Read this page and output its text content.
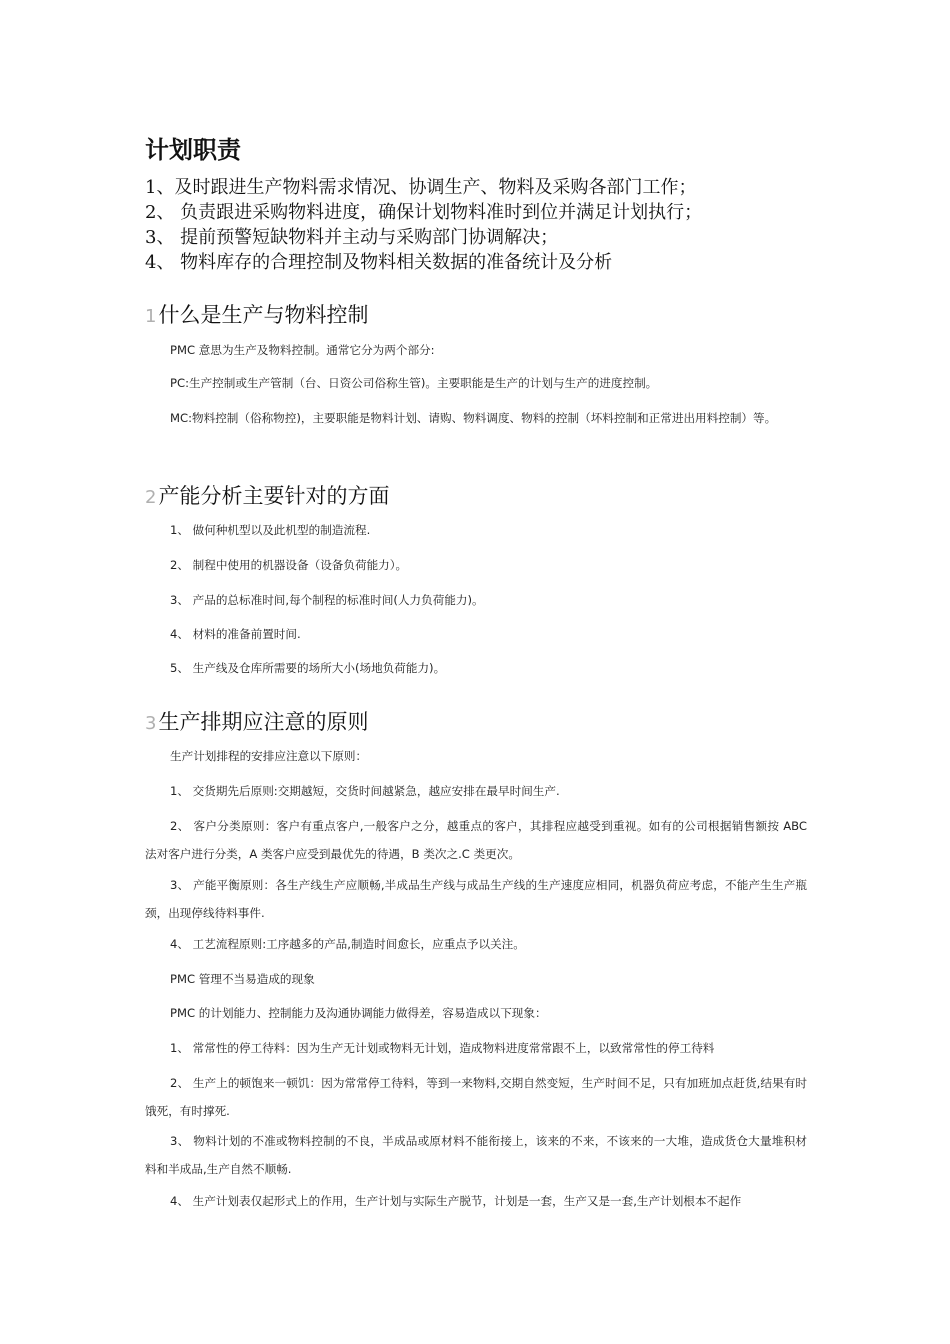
计划职责
1、及时跟进生产物料需求情况、协调生产、物料及采购各部门工作；
2、 负责跟进采购物料进度，确保计划物料准时到位并满足计划执行；
3、 提前预警短缺物料并主动与采购部门协调解决；
4、 物料库存的合理控制及物料相关数据的准备统计及分析
1什么是生产与物料控制

PMC 意思为生产及物料控制。通常它分为两个部分:

PC:生产控制或生产管制（台、日资公司俗称生管)。主要职能是生产的计划与生产的进度控制。

MC:物料控制（俗称物控)，主要职能是物料计划、请购、物料调度、物料的控制（坏料控制和正常进出用料控制）等。

2产能分析主要针对的方面

1、 做何种机型以及此机型的制造流程.

2、 制程中使用的机器设备（设备负荷能力）。

3、 产品的总标准时间,每个制程的标准时间(人力负荷能力)。

4、 材料的准备前置时间.

5、 生产线及仓库所需要的场所大小(场地负荷能力)。

3生产排期应注意的原则

生产计划排程的安排应注意以下原则：

1、 交货期先后原则:交期越短，交货时间越紧急，越应安排在最早时间生产.

2、 客户分类原则：客户有重点客户,一般客户之分，越重点的客户，其排程应越受到重视。如有的公司根据销售额按 ABC 法对客户进行分类，A 类客户应受到最优先的待遇，B 类次之.C 类更次。

3、 产能平衡原则：各生产线生产应顺畅,半成品生产线与成品生产线的生产速度应相同，机器负荷应考虑，不能产生生产瓶颈，出现停线待料事件.

4、 工艺流程原则:工序越多的产品,制造时间愈长，应重点予以关注。

PMC 管理不当易造成的现象

PMC 的计划能力、控制能力及沟通协调能力做得差，容易造成以下现象：

1、 常常性的停工待料：因为生产无计划或物料无计划，造成物料进度常常跟不上，以致常常性的停工待料

2、 生产上的顿饱来一顿饥：因为常常停工待料，等到一来物料,交期自然变短，生产时间不足，只有加班加点赶货,结果有时饿死，有时撑死.

3、 物料计划的不准或物料控制的不良，半成品或原材料不能衔接上，该来的不来，不该来的一大堆，造成货仓大量堆积材料和半成品,生产自然不顺畅.

4、 生产计划表仅起形式上的作用，生产计划与实际生产脱节，计划是一套，生产又是一套,生产计划根本不起作
